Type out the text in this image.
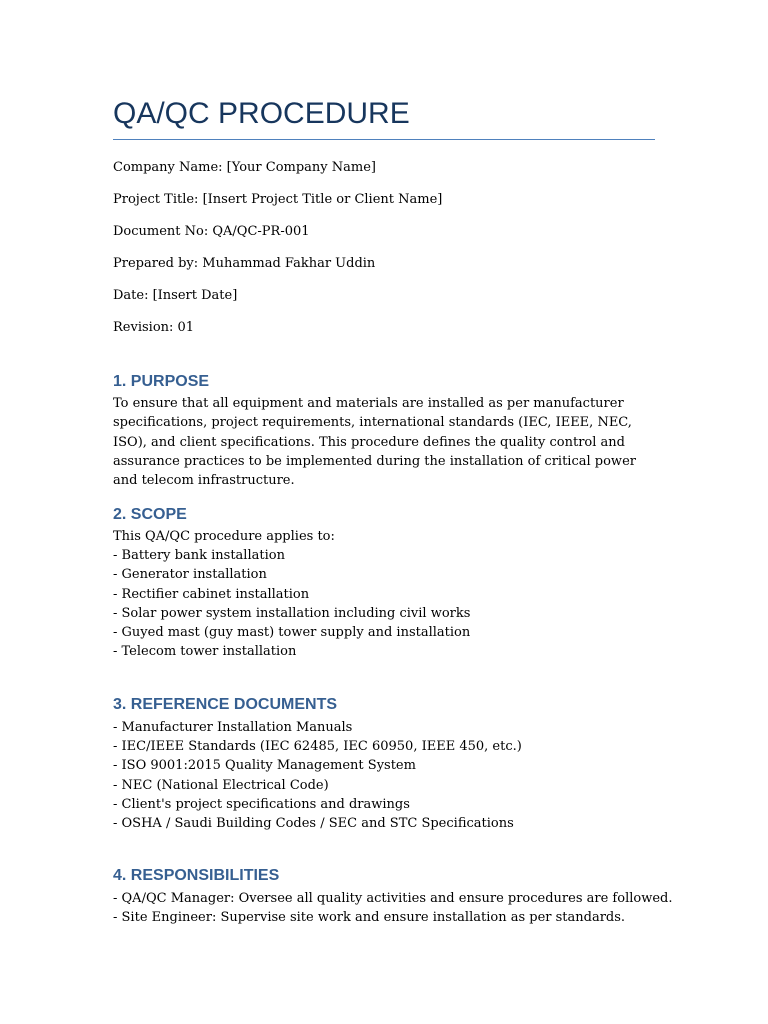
QA/QC PROCEDURE

Company Name: [Your Company Name]

Project Title: [Insert Project Title or Client Name]

Document No: QA/QC-PR-001

Prepared by: Muhammad Fakhar Uddin

Date: [Insert Date]

Revision: 01

1. PURPOSE

To ensure that all equipment and materials are installed as per manufacturer specifications, project requirements, international standards (IEC, IEEE, NEC, ISO), and client specifications. This procedure defines the quality control and assurance practices to be implemented during the installation of critical power and telecom infrastructure.

2. SCOPE
This QA/QC procedure applies to:
- Battery bank installation
- Generator installation
- Rectifier cabinet installation
- Solar power system installation including civil works
- Guyed mast (guy mast) tower supply and installation
- Telecom tower installation
3. REFERENCE DOCUMENTS
- Manufacturer Installation Manuals
- IEC/IEEE Standards (IEC 62485, IEC 60950, IEEE 450, etc.)
- ISO 9001:2015 Quality Management System
- NEC (National Electrical Code)
- Client's project specifications and drawings
- OSHA / Saudi Building Codes / SEC and STC Specifications
4. RESPONSIBILITIES
- QA/QC Manager: Oversee all quality activities and ensure procedures are followed.
- Site Engineer: Supervise site work and ensure installation as per standards.
